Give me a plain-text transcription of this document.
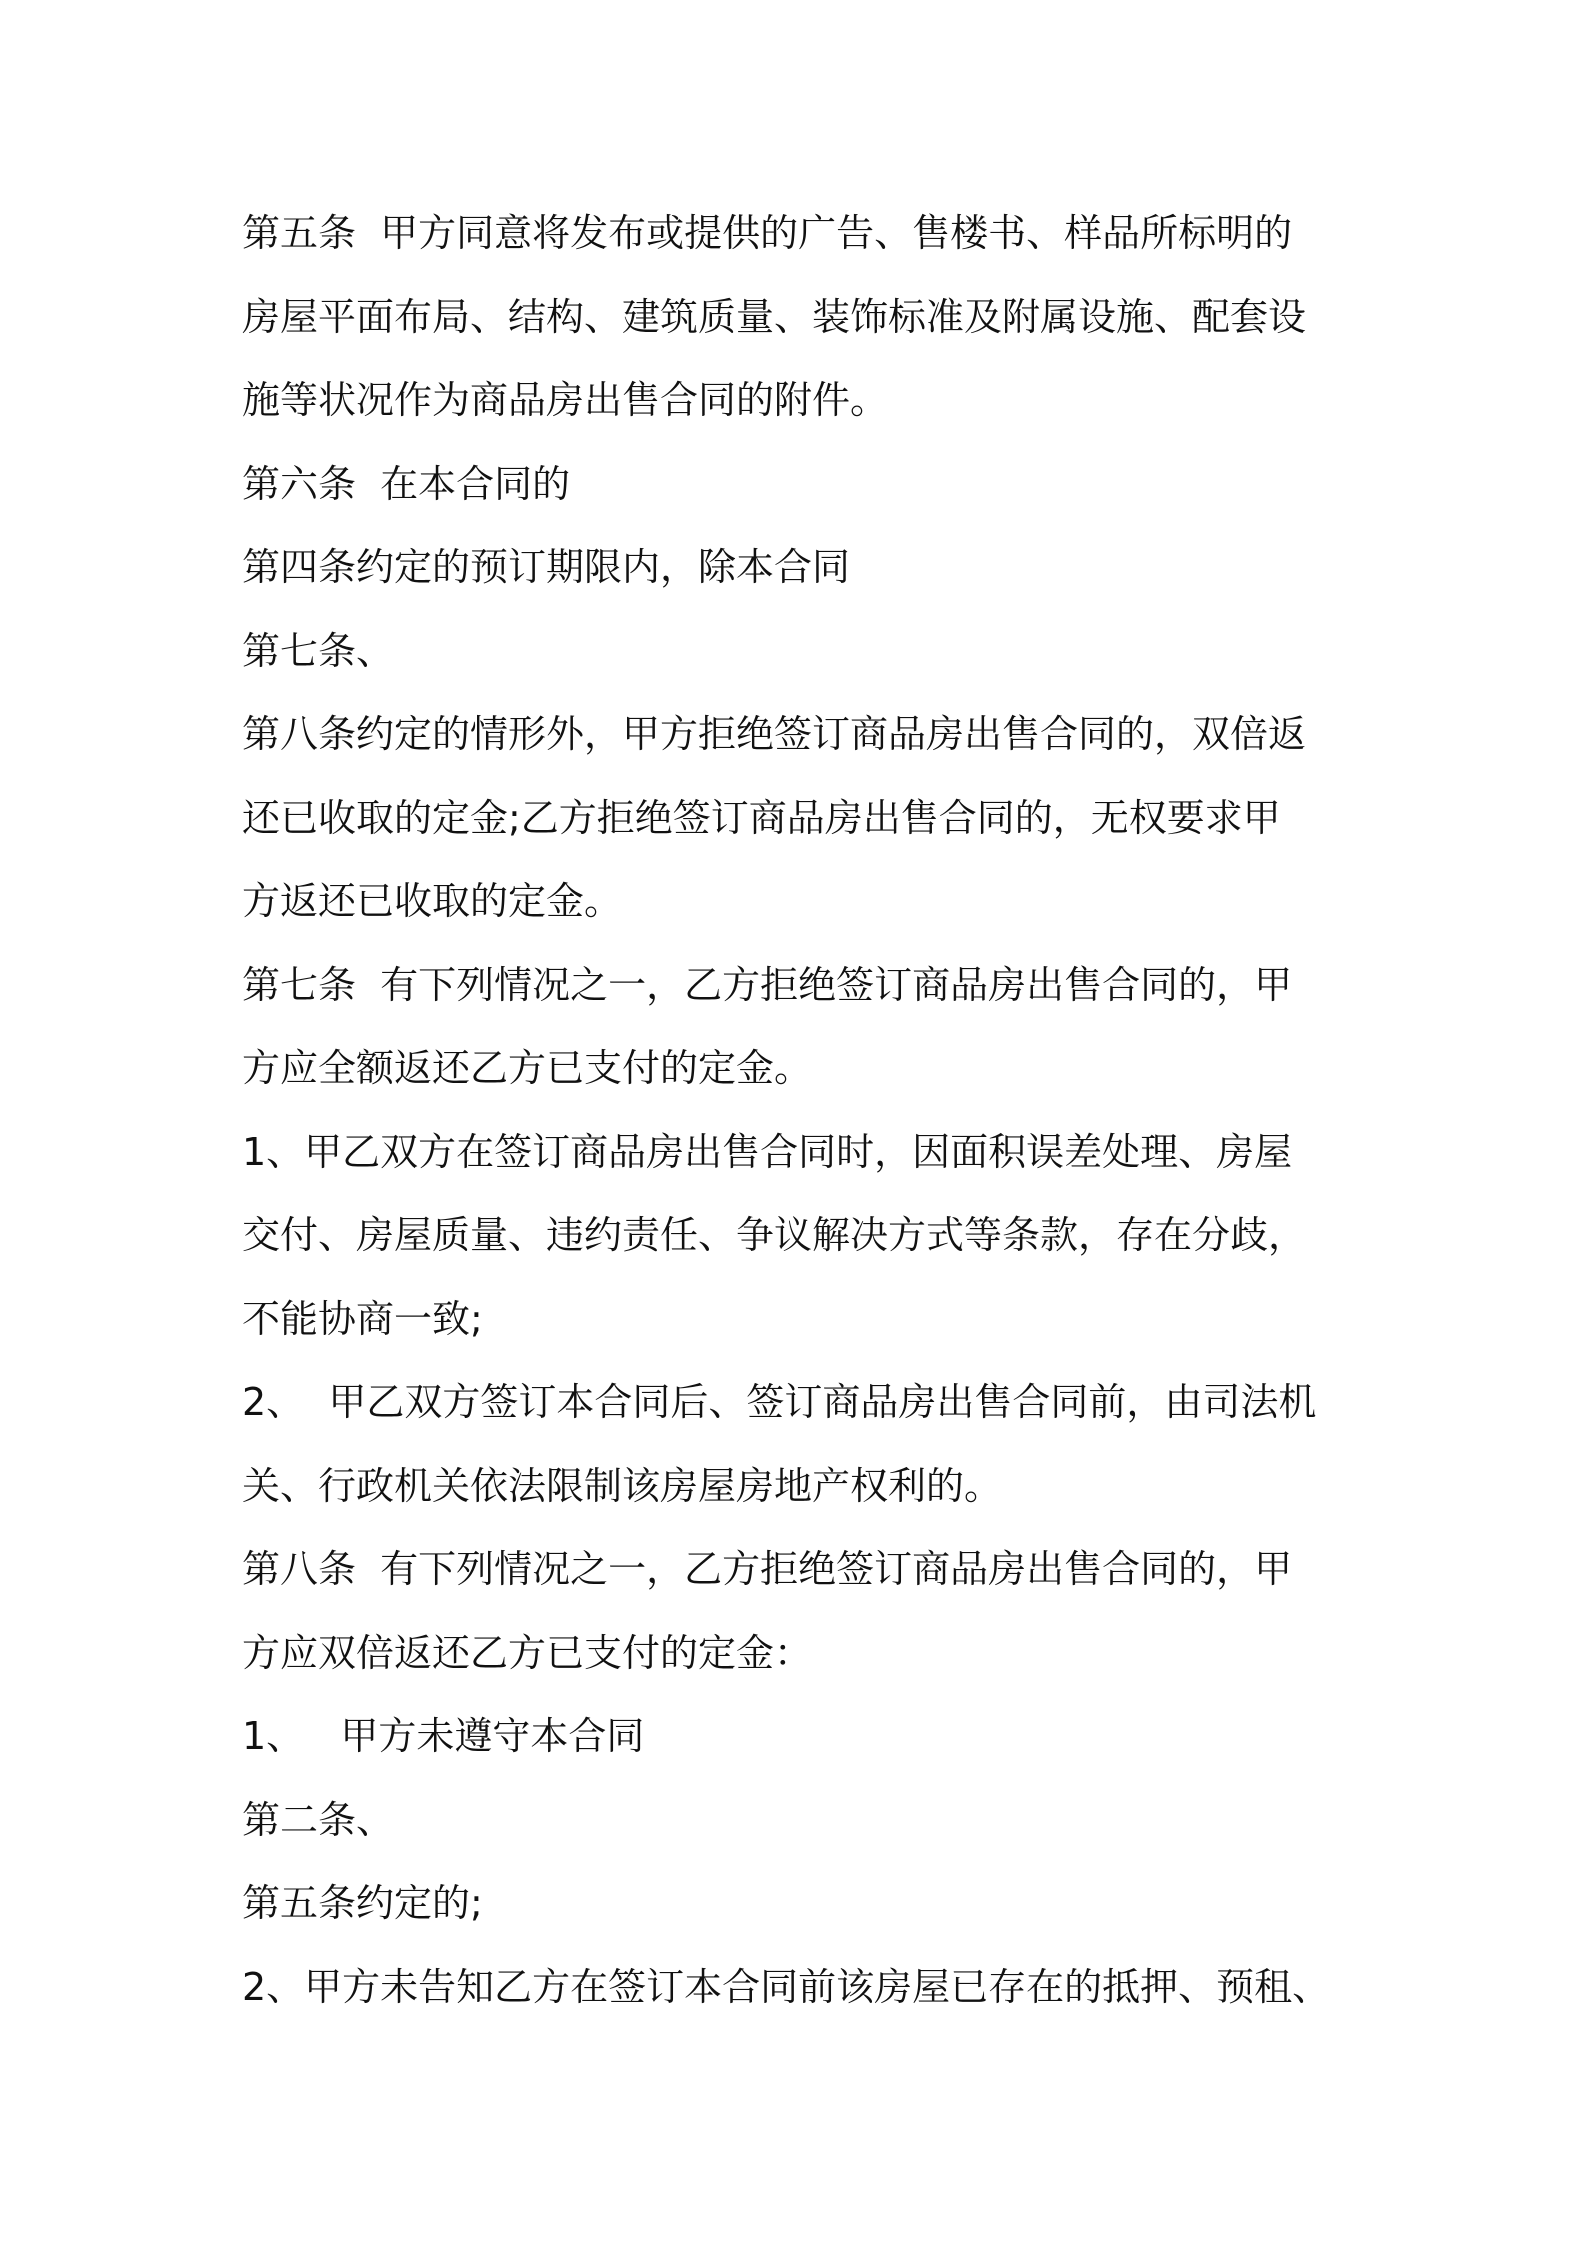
第五条  甲方同意将发布或提供的广告、售楼书、样品所标明的

房屋平面布局、结构、建筑质量、装饰标准及附属设施、配套设

施等状况作为商品房出售合同的附件。

第六条  在本合同的

第四条约定的预订期限内，除本合同

第七条、

第八条约定的情形外，甲方拒绝签订商品房出售合同的，双倍返

还已收取的定金;乙方拒绝签订商品房出售合同的，无权要求甲

方返还已收取的定金。

第七条  有下列情况之一，乙方拒绝签订商品房出售合同的，甲

方应全额返还乙方已支付的定金。

1、甲乙双方在签订商品房出售合同时，因面积误差处理、房屋

交付、房屋质量、违约责任、争议解决方式等条款，存在分歧，

不能协商一致;

2、  甲乙双方签订本合同后、签订商品房出售合同前，由司法机

关、行政机关依法限制该房屋房地产权利的。

第八条  有下列情况之一，乙方拒绝签订商品房出售合同的，甲

方应双倍返还乙方已支付的定金：

1、   甲方未遵守本合同

第二条、

第五条约定的;

2、甲方未告知乙方在签订本合同前该房屋已存在的抵押、预租、
